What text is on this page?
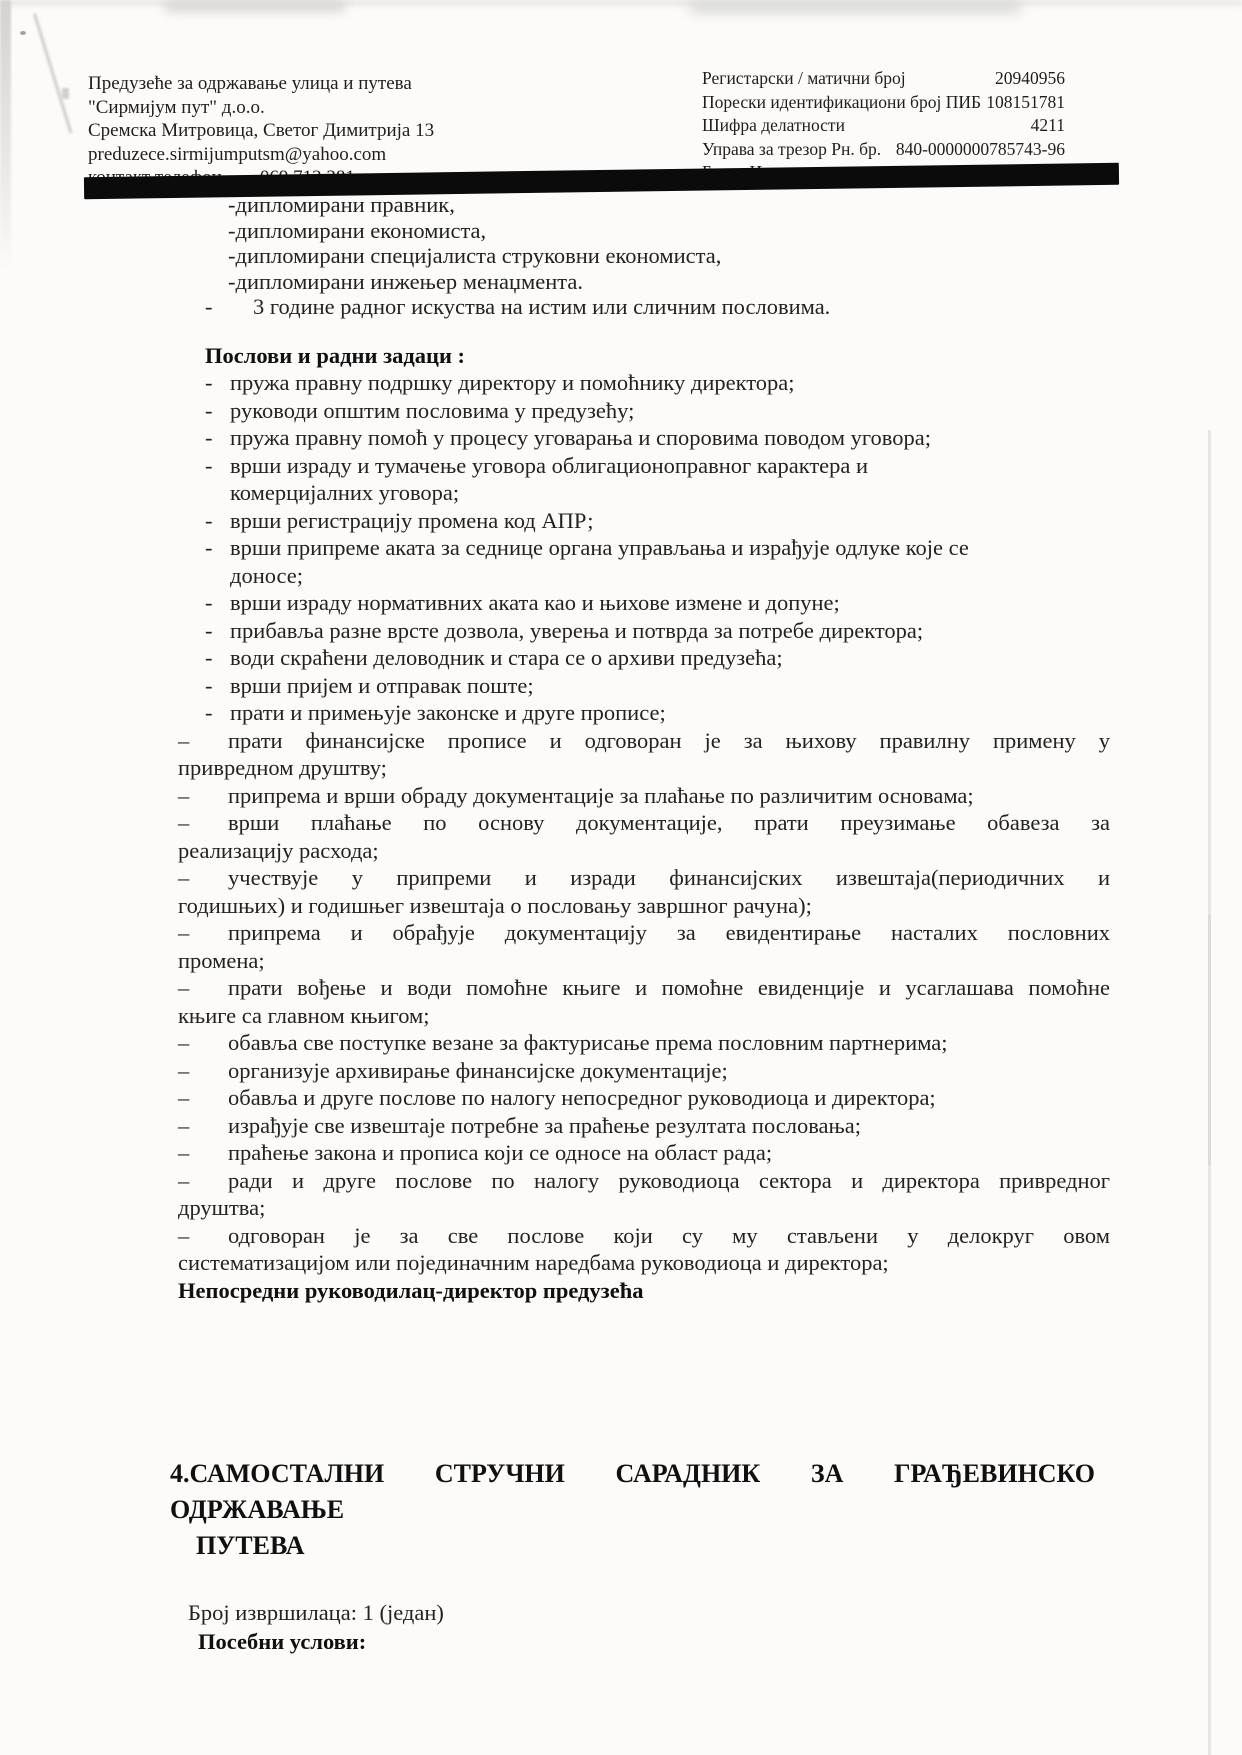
Предузеће за одржавање улица и путева
"Сирмијум пут" д.о.о.
Сремска Митровица, Светог Димитрија 13
preduzece.sirmijumputsm@yahoo.com
Регистарски / матични број	20940956
Порески идентификациони број ПИБ 108151781
Шифра делатности	4211
Управа за трезор Рн. бр. 840-0000000785743-96
-дипломирани правник,
-дипломирани економиста,
-дипломирани специјалиста струковни економиста,
-дипломирани инжењер менаџмента.
- 3 године радног искуства на истим или сличним пословима.
Послови и радни задаци :
- пружа правну подршку директору и помоћнику директора;
- руководи општим пословима у предузећу;
- пружа правну помоћ у процесу уговарања и споровима поводом уговора;
- врши израду и тумачење уговора облигационоправног карактера и
комерцијалних уговора;
- врши регистрацију промена код АПР;
- врши припреме аката за седнице органа управљања и израђује одлуке које се
доносе;
- врши израду нормативних аката као и њихове измене и допуне;
- прибавља разне врсте дозвола, уверења и потврда за потребе директора;
- води скраћени деловодник и стара се о архиви предузећа;
- врши пријем и отправак поште;
- прати и примењује законске и друге прописе;
– прати финансијске прописе и одговоран је за њихову правилну примену у
привредном друштву;
– припрема и врши обраду документације за плаћање по различитим основама;
– врши плаћање по основу документације, прати преузимање обавеза за
реализацију расхода;
– учествује у припреми и изради финансијских извештаја(периодичних и
годишњих) и годишњег извештаја о пословању завршног рачуна);
– припрема и обрађује документацију за евидентирање насталих пословних
промена;
– прати вођење и води помоћне књиге и помоћне евиденције и усаглашава помоћне
књиге са главном књигом;
– обавља све поступке везане за фактурисање према пословним партнерима;
– организује архивирање финансијске документације;
– обавља и друге послове по налогу непосредног руководиоца и директора;
– израђује све извештаје потребне за праћење резултата пословања;
– праћење закона и прописа који се односе на област рада;
– ради и друге послове по налогу руководиоца сектора и директора привредног
друштва;
– одговоран је за све послове који су му стављени у делокруг овом
систематизацијом или појединачним наредбама руководиоца и директора;
Непосредни руководилац-директор предузећа
4.САМОСТАЛНИ СТРУЧНИ САРАДНИК ЗА ГРАЂЕВИНСКО ОДРЖАВАЊЕ
ПУТЕВА
Број извршилаца: 1 (један)
Посебни услови:
